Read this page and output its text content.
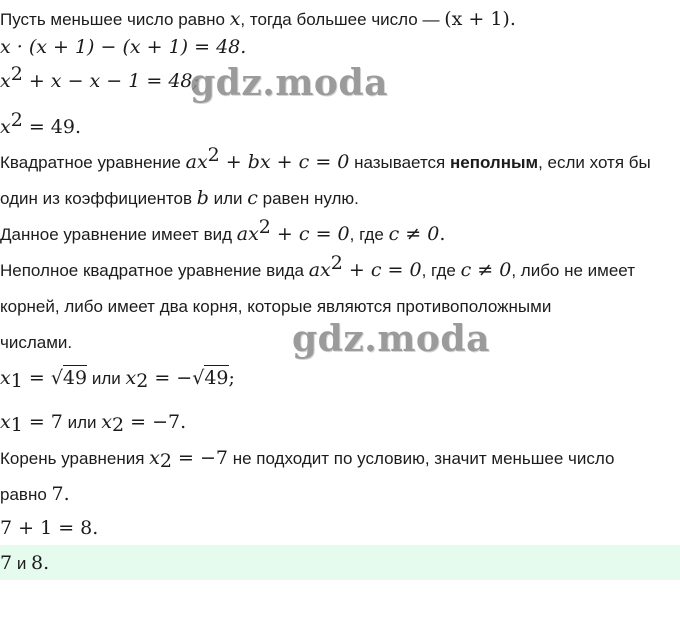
Пусть меньшее число равно x, тогда большее число — (x + 1).
x · (x + 1) − (x + 1) = 48.
$x^2 + x - x - 1 = 48$;
gdz.moda
$x^2 = 49$.
Квадратное уравнение $ax^2$ + bx + c = 0 называется неполным, если хотя бы
один из коэффициентов b или c равен нулю.
Данное уравнение имеет вид $ax^2 + c = 0$, где c ≠ 0.
Неполное квадратное уравнение вида $ax^2 + c = 0$, где c ≠ 0, либо не имеет
корней, либо имеет два корня, которые являются противоположными
числами.	gdz.moda
$x_1 = √49$ или $x_2 = -√49$;
$x_1 = 7$ или $x_2 = -7$.
Корень уравнения $x_2 = -7$ не подходит по условию, значит меньшее число
равно 7.
7 + 1 = 8.
7 и 8.
